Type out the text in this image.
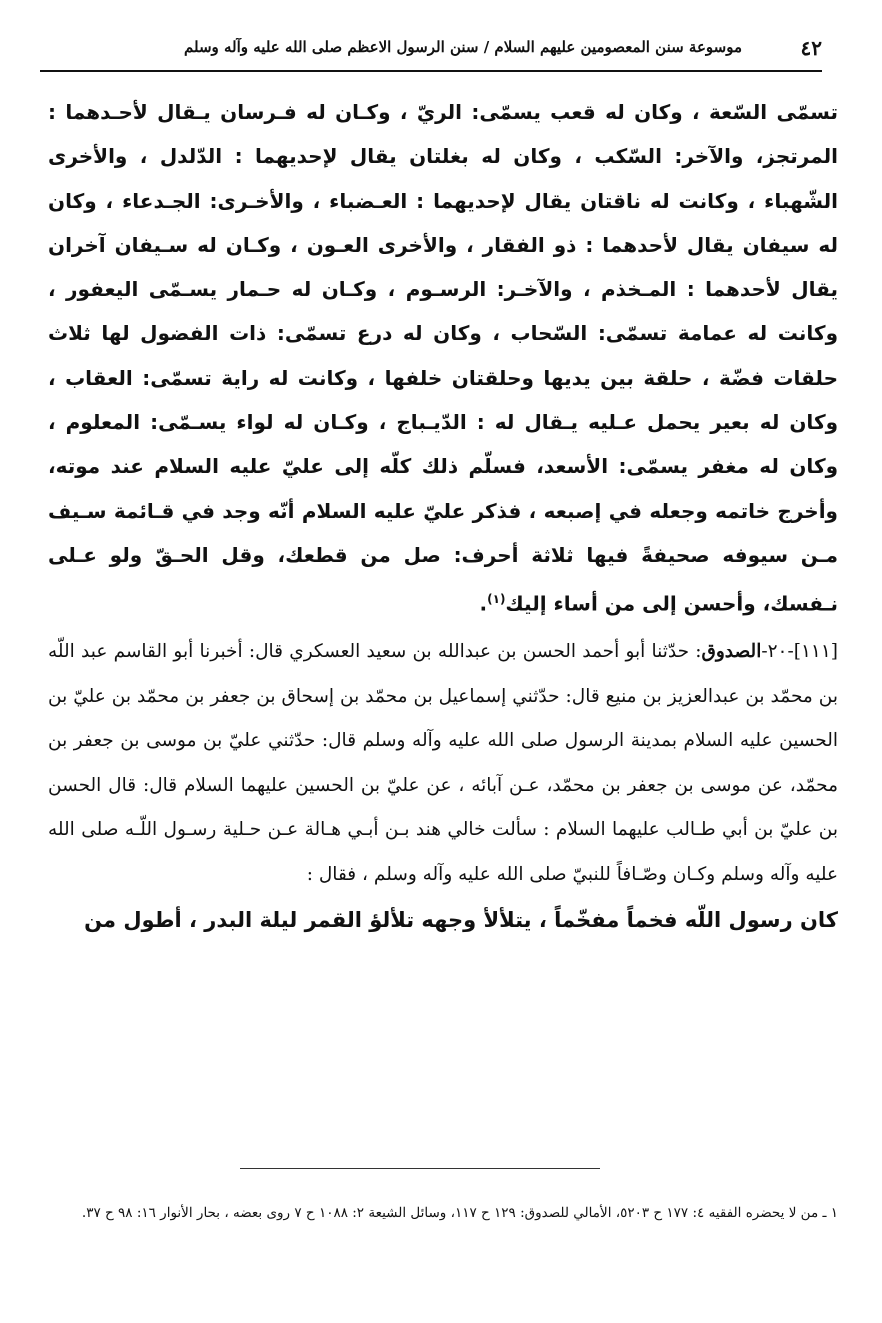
٤٢
موسوعة سنن المعصومين عليهم السلام / سنن الرسول الاعظم صلى الله عليه وآله وسلم

تسمّى السّعة ، وكان له قعب يسمّى: الريّ ، وكـان له فـرسان يـقال لأحـدهما : المرتجز، والآخر: السّكب ، وكان له بغلتان يقال لإحديهما : الدّلدل ، والأخرى الشّهباء ، وكانت له ناقتان يقال لإحديهما : العـضباء ، والأخـرى: الجـدعاء ، وكان له سيفان يقال لأحدهما : ذو الفقار ، والأخرى العـون ، وكـان له سـيفان آخران يقال لأحدهما : المـخذم ، والآخـر: الرسـوم ، وكـان له حـمار يسـمّى اليعفور ، وكانت له عمامة تسمّى: السّحاب ، وكان له درع تسمّى: ذات الفضول لها ثلاث حلقات فضّة ، حلقة بين يديها وحلقتان خلفها ، وكانت له راية تسمّى: العقاب ، وكان له بعير يحمل عـليه يـقال له : الدّيـباج ، وكـان له لواء يسـمّى: المعلوم ، وكان له مغفر يسمّى: الأسعد، فسلّم ذلك كلّه إلى عليّ عليه السلام عند موته، وأخرج خاتمه وجعله في إصبعه ، فذكر عليّ عليه السلام أنّه وجد في قـائمة سـيف مـن سيوفه صحيفةً فيها ثلاثة أحرف: صل من قطعك، وقل الحـقّ ولو عـلى نـفسك، وأحسن إلى من أساء إليك$^{(١)}$.

[١١١]-٢٠-الصدوق: حدّثنا أبو أحمد الحسن بن عبدالله بن سعيد العسكري قال: أخبرنا أبو القاسم عبد اللّه بن محمّد بن عبدالعزيز بن منيع قال: حدّثني إسماعيل بن محمّد بن إسحاق بن جعفر بن محمّد بن عليّ بن الحسين عليه السلام بمدينة الرسول صلى الله عليه وآله وسلم قال: حدّثني عليّ بن موسى بن جعفر بن محمّد، عن موسى بن جعفر بن محمّد، عـن آبائه ، عن عليّ بن الحسين عليهما السلام قال: قال الحسن بن عليّ بن أبي طـالب عليهما السلام : سألت خالي هند بـن أبـي هـالة عـن حـلية رسـول اللّـه صلى الله عليه وآله وسلم وكـان وصّـافاً للنبيّ صلى الله عليه وآله وسلم ، فقال :

كان رسول اللّه فخماً مفخّماً ، يتلألأ وجهه تلألؤ القمر ليلة البدر ، أطول من

١ ـ من لا يحضره الفقيه ٤: ١٧٧ ح ٥٢٠٣، الأمالي للصدوق: ١٢٩ ح ١١٧، وسائل الشيعة ٢: ١٠٨٨ ح ٧ روى بعضه ، بحار الأنوار ١٦: ٩٨ ح ٣٧.
